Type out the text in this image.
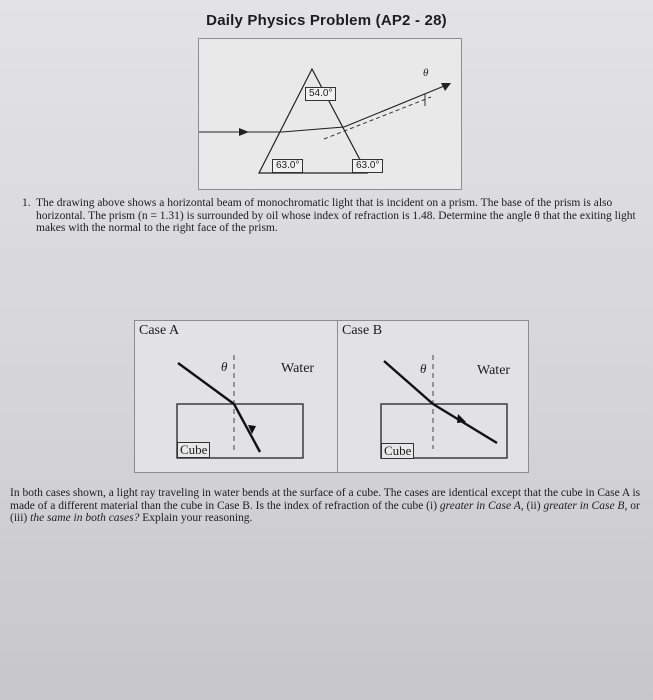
Daily Physics Problem (AP2 - 28)
54.0°
63.0°	63.0°
θ
1. The drawing above shows a horizontal beam of monochromatic light that is incident on a prism. The base of the prism is also horizontal. The prism (n = 1.31) is surrounded by oil whose index of refraction is 1.48. Determine the angle θ that the exiting light makes with the normal to the right face of the prism.
Case A
θ	Water
Cube
Case B
θ	Water
Cube
In both cases shown, a light ray traveling in water bends at the surface of a cube. The cases are identical except that the cube in Case A is made of a different material than the cube in Case B. Is the index of refraction of the cube (i) greater in Case A, (ii) greater in Case B, or (iii) the same in both cases? Explain your reasoning.
